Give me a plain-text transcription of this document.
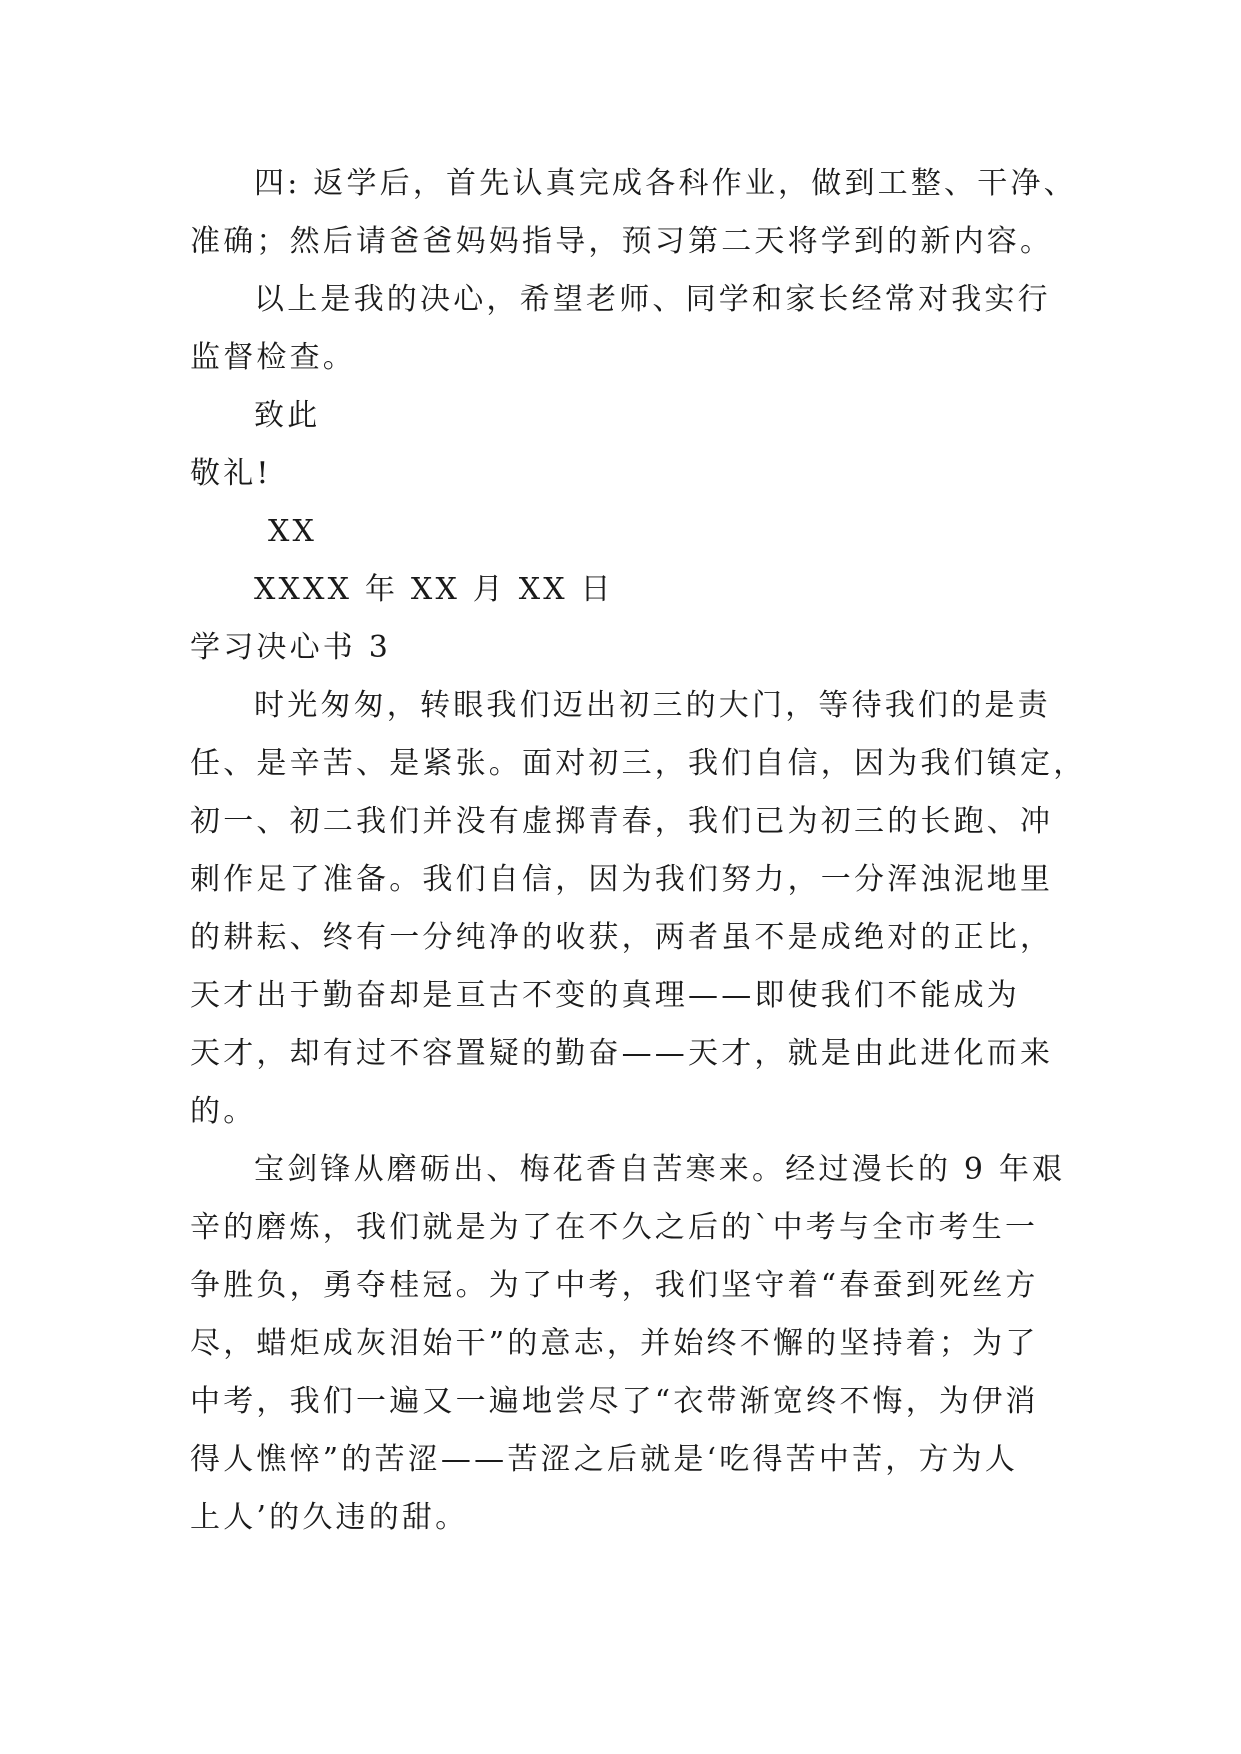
四: 返学后，首先认真完成各科作业，做到工整、干净、
准确；然后请爸爸妈妈指导，预习第二天将学到的新内容。
以上是我的决心，希望老师、同学和家长经常对我实行
监督检查。
致此
敬礼!
XX
XXXX 年 XX 月 XX 日
学习决心书 3
时光匆匆，转眼我们迈出初三的大门，等待我们的是责
任、是辛苦、是紧张。面对初三，我们自信，因为我们镇定，
初一、初二我们并没有虚掷青春，我们已为初三的长跑、冲
刺作足了准备。我们自信，因为我们努力，一分浑浊泥地里
的耕耘、终有一分纯净的收获，两者虽不是成绝对的正比，
天才出于勤奋却是亘古不变的真理——即使我们不能成为
天才，却有过不容置疑的勤奋——天才，就是由此进化而来
的。
宝剑锋从磨砺出、梅花香自苦寒来。经过漫长的 9 年艰
辛的磨炼，我们就是为了在不久之后的`中考与全市考生一
争胜负，勇夺桂冠。为了中考，我们坚守着“春蚕到死丝方
尽，蜡炬成灰泪始干”的意志，并始终不懈的坚持着；为了
中考，我们一遍又一遍地尝尽了“衣带渐宽终不悔，为伊消
得人憔悴”的苦涩——苦涩之后就是‘吃得苦中苦，方为人
上人’的久违的甜。
